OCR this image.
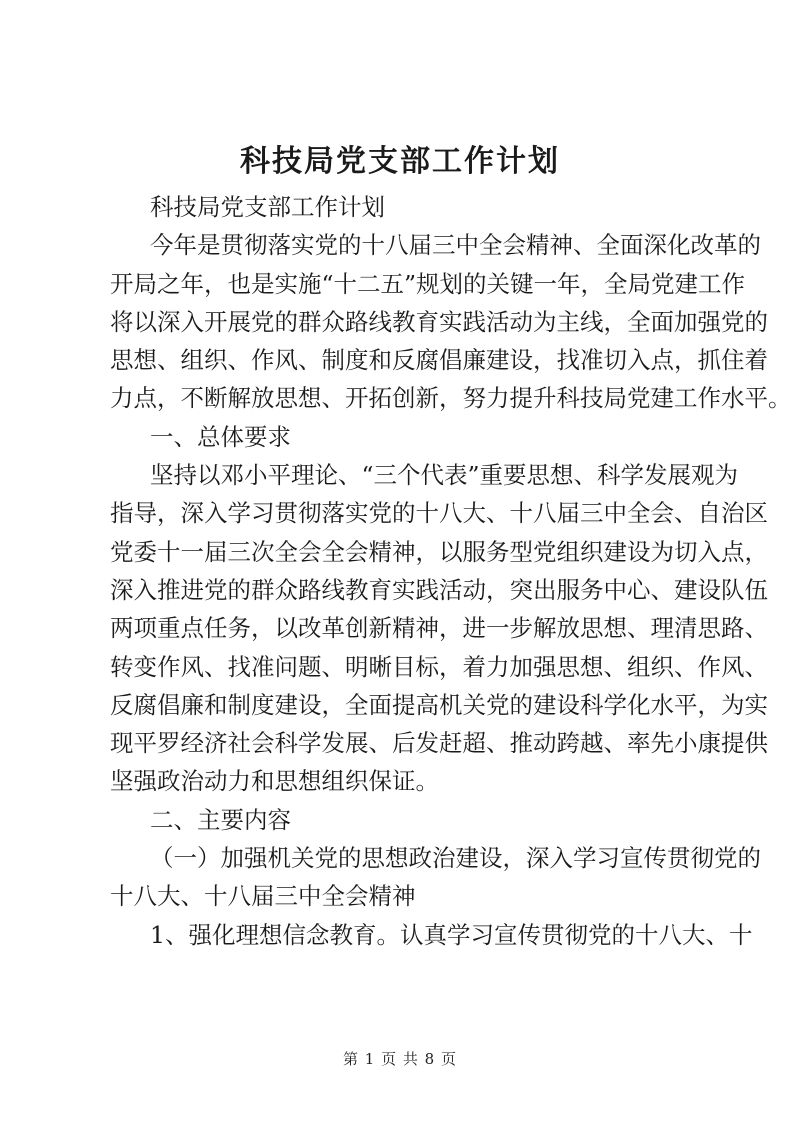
科技局党支部工作计划
科技局党支部工作计划
今年是贯彻落实党的十八届三中全会精神、全面深化改革的
开局之年，也是实施“十二五”规划的关键一年，全局党建工作
将以深入开展党的群众路线教育实践活动为主线，全面加强党的
思想、组织、作风、制度和反腐倡廉建设，找准切入点，抓住着
力点，不断解放思想、开拓创新，努力提升科技局党建工作水平。
一、总体要求
坚持以邓小平理论、“三个代表”重要思想、科学发展观为
指导，深入学习贯彻落实党的十八大、十八届三中全会、自治区
党委十一届三次全会全会精神，以服务型党组织建设为切入点，
深入推进党的群众路线教育实践活动，突出服务中心、建设队伍
两项重点任务，以改革创新精神，进一步解放思想、理清思路、
转变作风、找准问题、明晰目标，着力加强思想、组织、作风、
反腐倡廉和制度建设，全面提高机关党的建设科学化水平，为实
现平罗经济社会科学发展、后发赶超、推动跨越、率先小康提供
坚强政治动力和思想组织保证。
二、主要内容
（一）加强机关党的思想政治建设，深入学习宣传贯彻党的
十八大、十八届三中全会精神
1、强化理想信念教育。认真学习宣传贯彻党的十八大、十
第 1 页 共 8 页
